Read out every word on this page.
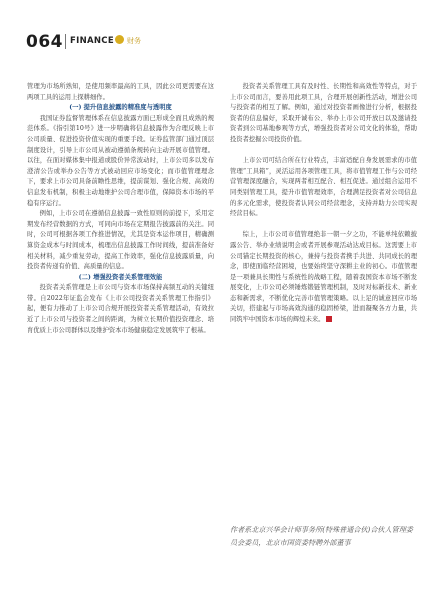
064 FINANCE 财务

管理为市场所熟知，是使用频率最高的工具，因此公司更需要在这两项工具的运用上探耕细作。

(一) 提升信息披露的精准度与透明度

我国证券监督管理体系在信息披露方面已形成全面且成熟的规范体系。《指引第10号》进一步明确将信息披露作为合理反映上市公司质量、促进投资价值实现的重要手段。证券监管部门通过顶层制度设计，引导上市公司从被动遵循条规转向主动开展市值管理。以往，在面对媒体集中报道或股价异常波动时，上市公司多以发布澄清公告或举办公告等方式被动回应市场变化；而市值管理理念下，要求上市公司具备前瞻性思维，提前谋划、强化合规、高效的信息发布机制，积极主动地维护公司合理市值，保障资本市场的平稳有序运行。

例如，上市公司在遵循信息披露一致性原则的前提下，采用定期发布经营数据的方式，可同向市场在定期报告披露前的关注。同时，公司可根据各项工作推进情况，尤其是资本运作项目，精确测算资金成本与时间成本，梳理出信息披露工作时间线，提前准备好相关材料，减少重复劳动，提高工作效率，强化信息披露质量，向投资者传递有价值、高质量的信息。

(二) 增强投资者关系管理效能

投资者关系管理是上市公司与资本市场保持高频互动的关键纽带。自2022年证监会发布《上市公司投资者关系管理工作指引》起，便有力推动了上市公司合规开展投资者关系管理活动，有效拉近了上市公司与投资者之间的距离，为树立长期价值投资理念、培育优质上市公司群体以及维护资本市场健康稳定发展筑牢了根基。

投资者关系管理工具有及时性、长期性和高效性等特点，对于上市公司而言，要善用此项工具，合理开展创新性活动，增进公司与投资者的相互了解。例如，通过对投资者画像进行分析，根据投资者的信息偏好，采取开诚布公、举办上市公司开放日以及邀请投资者到公司基地参观等方式，增强投资者对公司文化的体验，帮助投资者挖掘公司投资价值。

上市公司可结合所在行业特点，丰富适配自身发展需求的市值管理“工具箱”，灵活运用各项管理工具，将市值管理工作与公司经营管理深度融合，实现两者相互配合、相互促进。通过组合运用不同类别管理工具，提升市值管理效率，合理满足投资者对公司信息的多元化需求，使投资者认同公司经营理念，支持并助力公司实现经营目标。

综上，上市公司市值管理绝非一朝一夕之功，不能单纯依赖披露公告、举办业绩说明会或者开展参观活动达成目标。这需要上市公司锚定长期投资的核心，兼持与投资者携手共进、共同成长的理念，即使面临经营困境，也要始终坚守深耕主业的初心。市值管理是一项兼具长期性与系统性的战略工程，随着我国资本市场不断发展变化，上市公司必须锤炼锻链管理机制，及时对标新技术、新业态和新需求，不断优化完善市值管理策略。以上足的诚意回应市场关切，搭建起与市场高效沟通的稳固桥梁，进而凝聚各方力量，共同筑牢中国资本市场的辉煌未来。

作者系北京兴华会计师事务所(特殊普通合伙)合伙人管理委员会委员，北京市国资委特聘外部董事
